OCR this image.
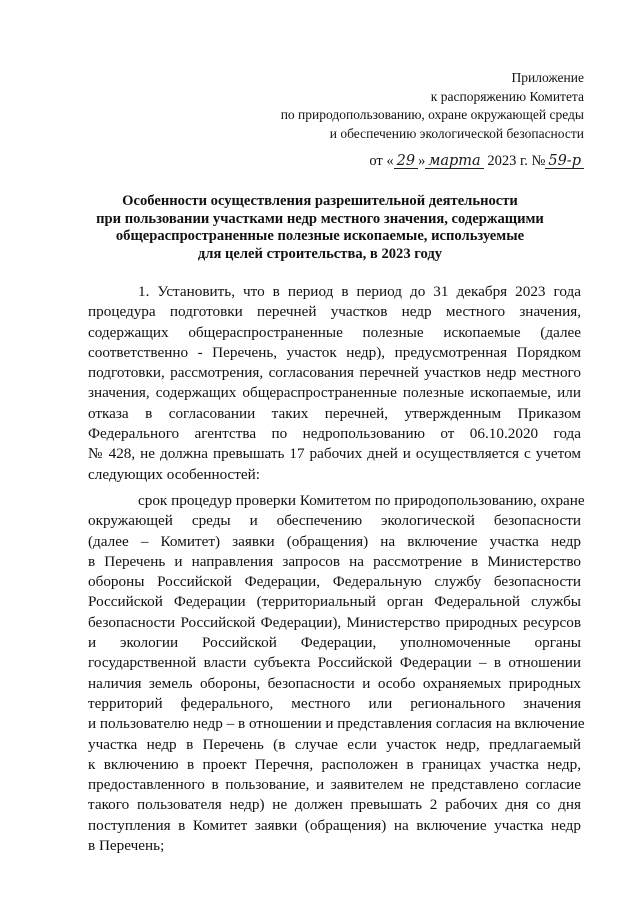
Приложение
к распоряжению Комитета
по природопользованию, охране окружающей среды
и обеспечению экологической безопасности
от « 29 » марта 2023 г. № 59-р
Особенности осуществления разрешительной деятельности
при пользовании участками недр местного значения, содержащими
общераспространенные полезные ископаемые, используемые
для целей строительства, в 2023 году
1. Установить, что в период в период до 31 декабря 2023 года
процедура подготовки перечней участков недр местного значения,
содержащих общераспространенные полезные ископаемые (далее
соответственно - Перечень, участок недр), предусмотренная Порядком
подготовки, рассмотрения, согласования перечней участков недр местного
значения, содержащих общераспространенные полезные ископаемые, или
отказа в согласовании таких перечней, утвержденным Приказом
Федерального агентства по недропользованию от 06.10.2020 года
№ 428, не должна превышать 17 рабочих дней и осуществляется с учетом
следующих особенностей:
срок процедур проверки Комитетом по природопользованию, охране
окружающей среды и обеспечению экологической безопасности
(далее – Комитет) заявки (обращения) на включение участка недр
в Перечень и направления запросов на рассмотрение в Министерство
обороны Российской Федерации, Федеральную службу безопасности
Российской Федерации (территориальный орган Федеральной службы
безопасности Российской Федерации), Министерство природных ресурсов
и экологии Российской Федерации, уполномоченные органы
государственной власти субъекта Российской Федерации – в отношении
наличия земель обороны, безопасности и особо охраняемых природных
территорий федерального, местного или регионального значения
и пользователю недр – в отношении и представления согласия на включение
участка недр в Перечень (в случае если участок недр, предлагаемый
к включению в проект Перечня, расположен в границах участка недр,
предоставленного в пользование, и заявителем не представлено согласие
такого пользователя недр) не должен превышать 2 рабочих дня со дня
поступления в Комитет заявки (обращения) на включение участка недр
в Перечень;
